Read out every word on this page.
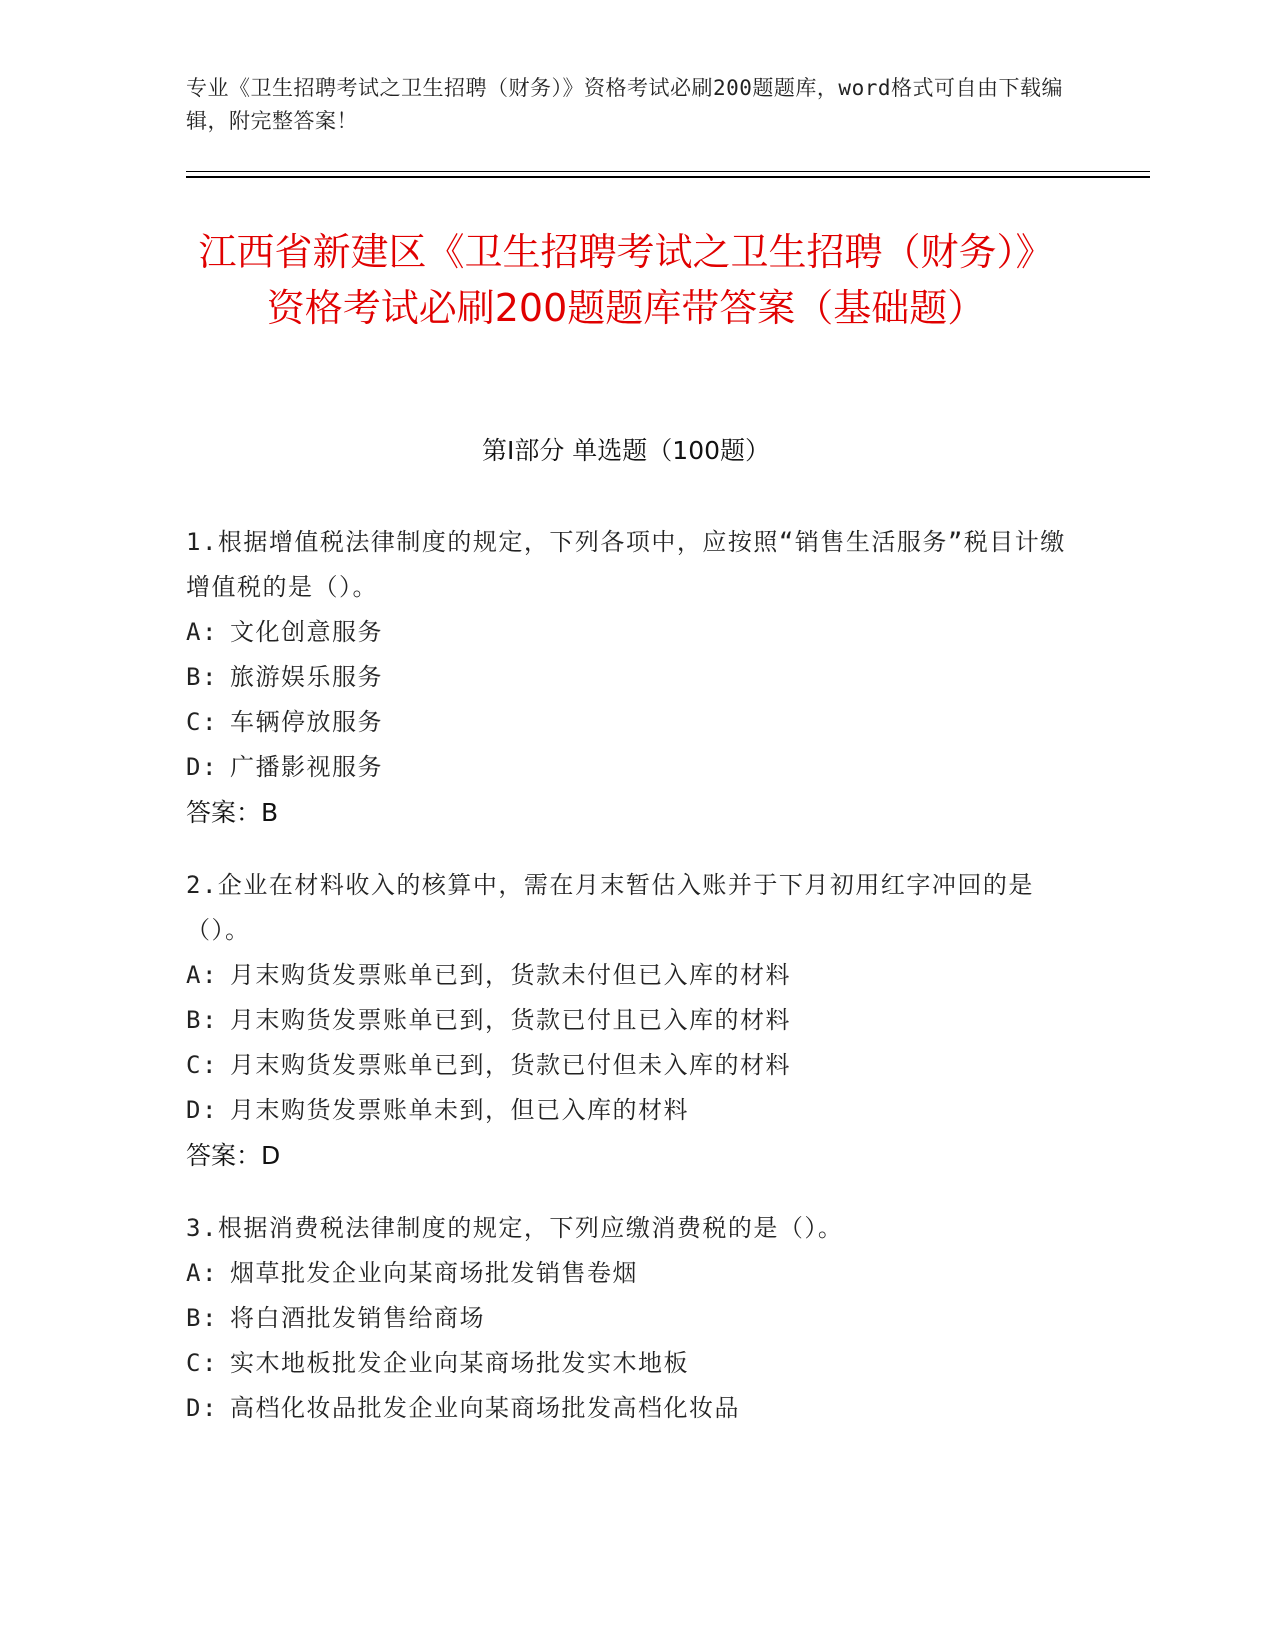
专业《卫生招聘考试之卫生招聘（财务）》资格考试必刷200题题库，word格式可自由下载编辑，附完整答案！
江西省新建区《卫生招聘考试之卫生招聘（财务）》资格考试必刷200题题库带答案（基础题）
第I部分 单选题（100题）
1.根据增值税法律制度的规定，下列各项中，应按照“销售生活服务”税目计缴增值税的是（）。
A: 文化创意服务
B: 旅游娱乐服务
C: 车辆停放服务
D: 广播影视服务
答案：B
2.企业在材料收入的核算中，需在月末暂估入账并于下月初用红字冲回的是（）。
A: 月末购货发票账单已到，货款未付但已入库的材料
B: 月末购货发票账单已到，货款已付且已入库的材料
C: 月末购货发票账单已到，货款已付但未入库的材料
D: 月末购货发票账单未到，但已入库的材料
答案：D
3.根据消费税法律制度的规定，下列应缴消费税的是（）。
A: 烟草批发企业向某商场批发销售卷烟
B: 将白酒批发销售给商场
C: 实木地板批发企业向某商场批发实木地板
D: 高档化妆品批发企业向某商场批发高档化妆品
